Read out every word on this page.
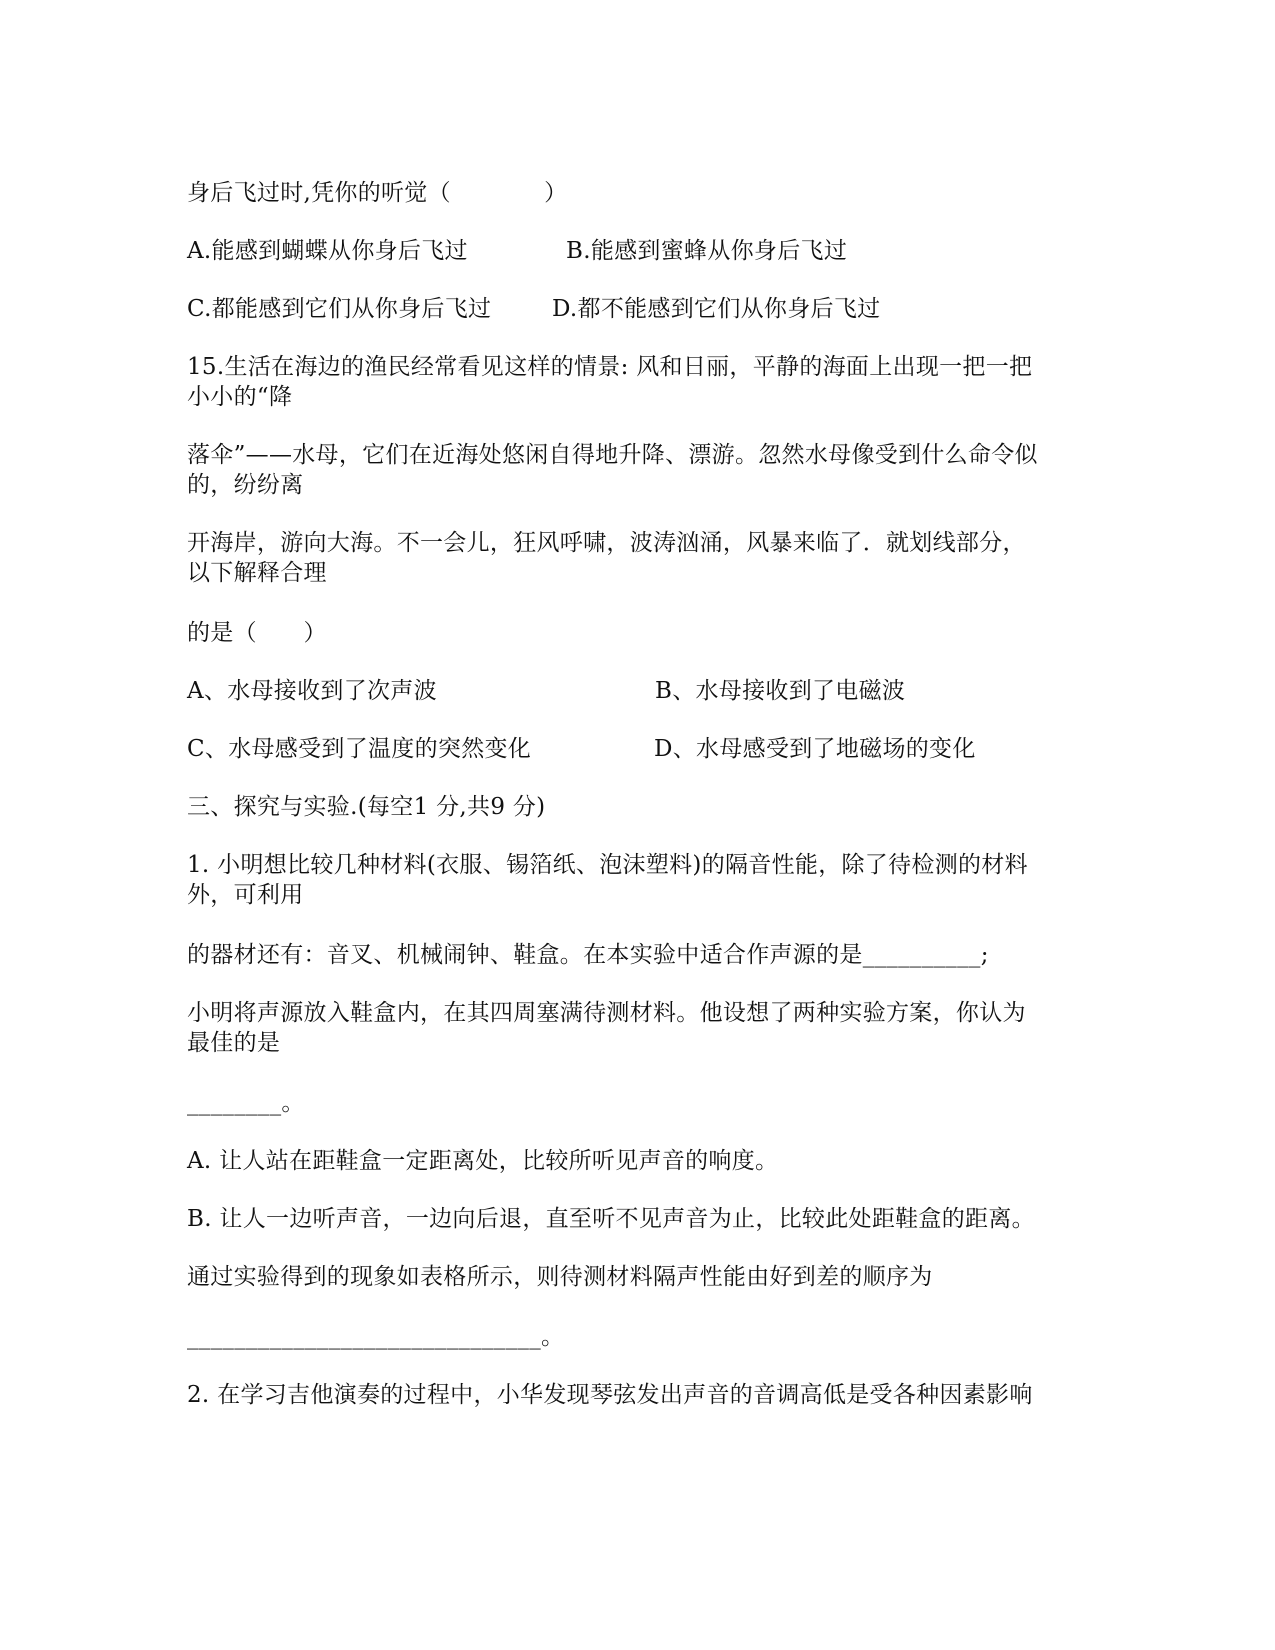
身后飞过时,凭你的听觉（　　　　）
A.能感到蝴蝶从你身后飞过	B.能感到蜜蜂从你身后飞过
C.都能感到它们从你身后飞过	D.都不能感到它们从你身后飞过
15.生活在海边的渔民经常看见这样的情景: 风和日丽，平静的海面上出现一把一把
小小的“降
落伞”——水母，它们在近海处悠闲自得地升降、漂游。忽然水母像受到什么命令似
的，纷纷离
开海岸，游向大海。不一会儿，狂风呼啸，波涛汹涌，风暴来临了．就划线部分，
以下解释合理
的是（　　）
A、水母接收到了次声波	B、水母接收到了电磁波
C、水母感受到了温度的突然变化	D、水母感受到了地磁场的变化
三、探究与实验.(每空1 分,共9 分)
1. 小明想比较几种材料(衣服、锡箔纸、泡沫塑料)的隔音性能，除了待检测的材料
外，可利用
的器材还有：音叉、机械闹钟、鞋盒。在本实验中适合作声源的是__________;
小明将声源放入鞋盒内，在其四周塞满待测材料。他设想了两种实验方案，你认为
最佳的是
________。
A. 让人站在距鞋盒一定距离处，比较所听见声音的响度。
B. 让人一边听声音，一边向后退，直至听不见声音为止，比较此处距鞋盒的距离。
通过实验得到的现象如表格所示，则待测材料隔声性能由好到差的顺序为
______________________________。
2. 在学习吉他演奏的过程中，小华发现琴弦发出声音的音调高低是受各种因素影响
